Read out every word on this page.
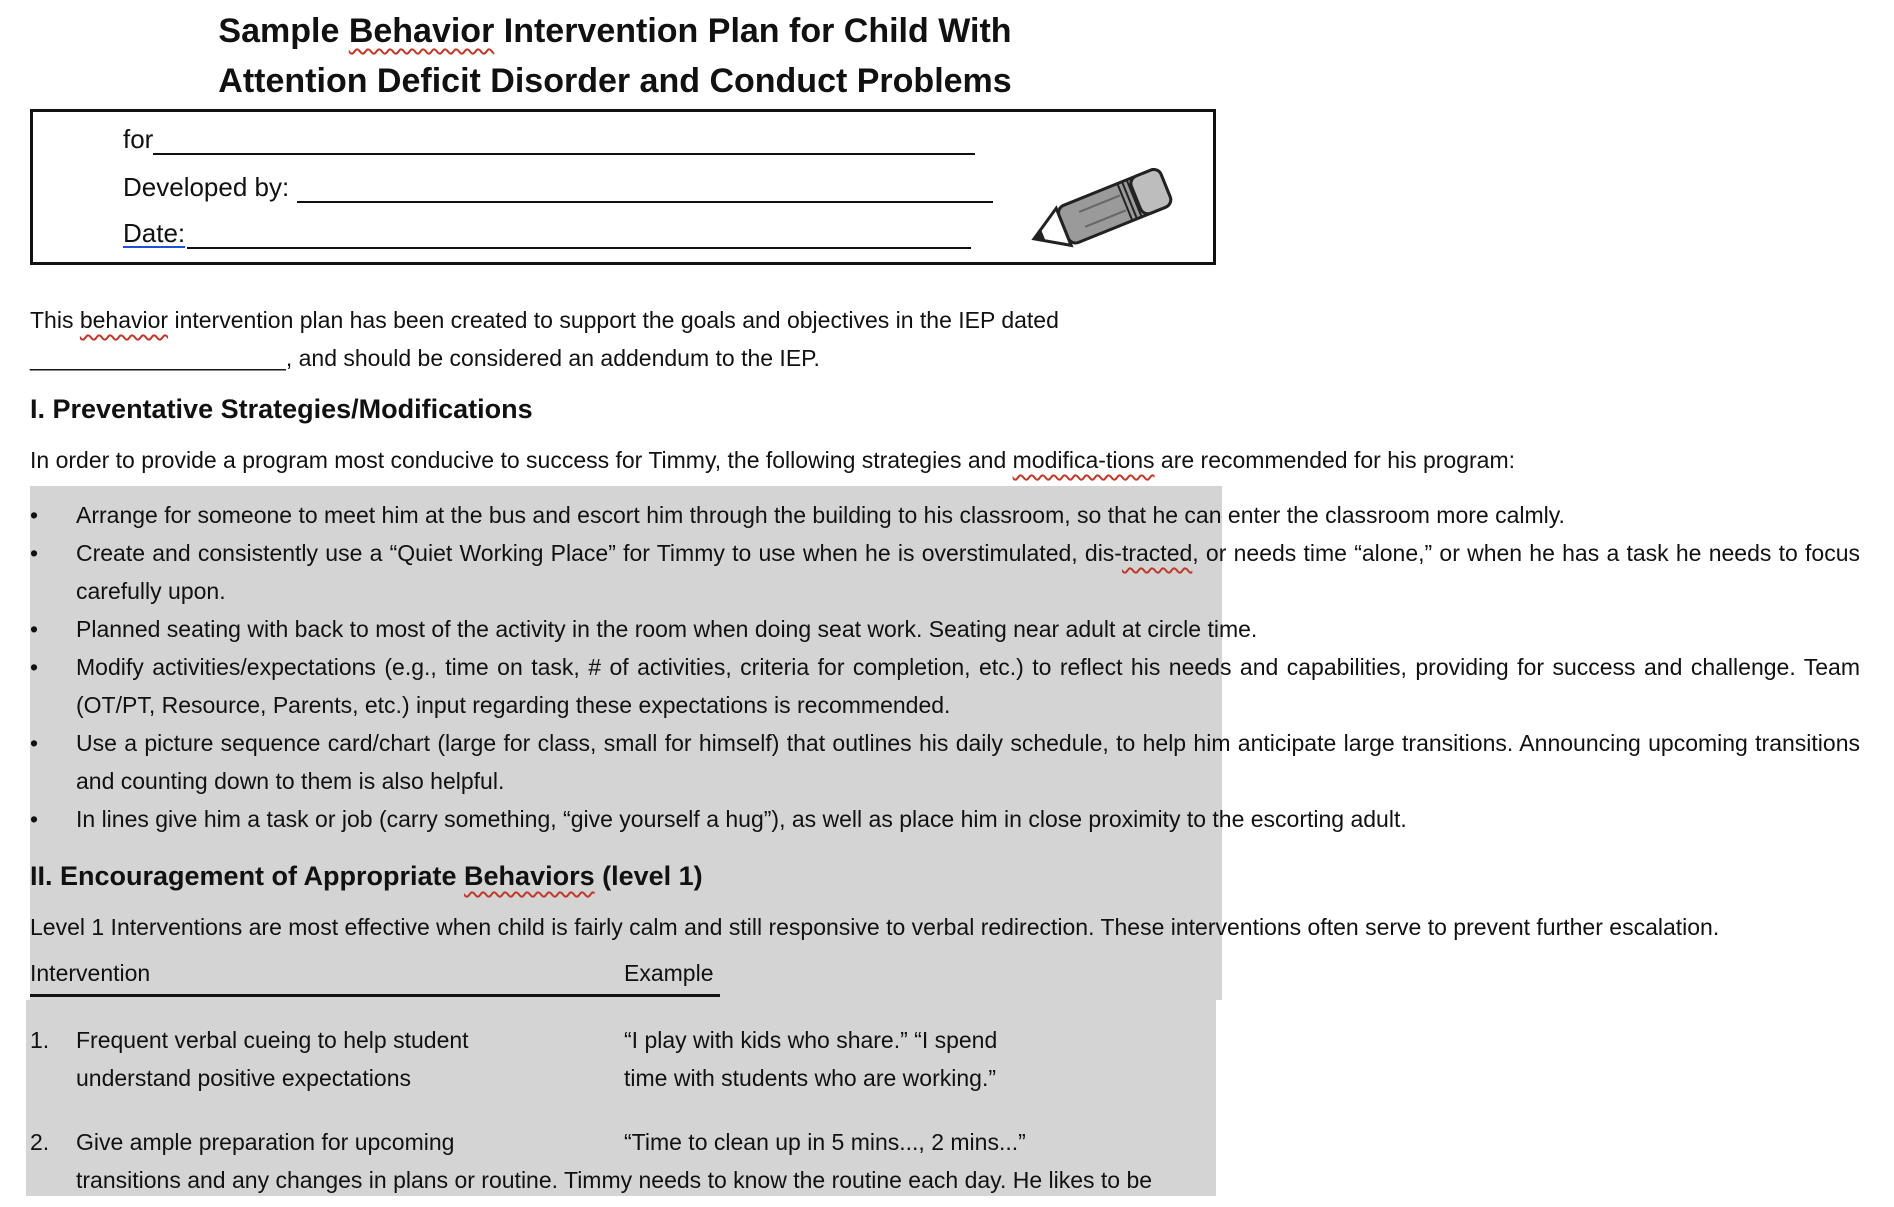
Sample Behavior Intervention Plan for Child With
Attention Deficit Disorder and Conduct Problems
for
Developed by:
Date:
This behavior intervention plan has been created to support the goals and objectives in the IEP dated
____________________, and should be considered an addendum to the IEP.
I. Preventative Strategies/Modifications
In order to provide a program most conducive to success for Timmy, the following strategies and modifica-tions are recommended for his program:
• Arrange for someone to meet him at the bus and escort him through the building to his classroom, so that he can enter the classroom more calmly.
• Create and consistently use a “Quiet Working Place” for Timmy to use when he is overstimulated, dis-tracted, or needs time “alone,” or when he has a task he needs to focus carefully upon.
• Planned seating with back to most of the activity in the room when doing seat work. Seating near adult at circle time.
• Modify activities/expectations (e.g., time on task, # of activities, criteria for completion, etc.) to reflect his needs and capabilities, providing for success and challenge. Team (OT/PT, Resource, Parents, etc.) input regarding these expectations is recommended.
• Use a picture sequence card/chart (large for class, small for himself) that outlines his daily schedule, to help him anticipate large transitions. Announcing upcoming transitions and counting down to them is also helpful.
• In lines give him a task or job (carry something, “give yourself a hug”), as well as place him in close proximity to the escorting adult.
II. Encouragement of Appropriate Behaviors (level 1)
Level 1 Interventions are most effective when child is fairly calm and still responsive to verbal redirection. These interventions often serve to prevent further escalation.
Intervention	Example
1. Frequent verbal cueing to help student
understand positive expectations
“I play with kids who share.” “I spend
time with students who are working.”
2. Give ample preparation for upcoming
transitions and any changes in plans or routine. Timmy needs to know the routine each day. He likes to be
“Time to clean up in 5 mins..., 2 mins...”
